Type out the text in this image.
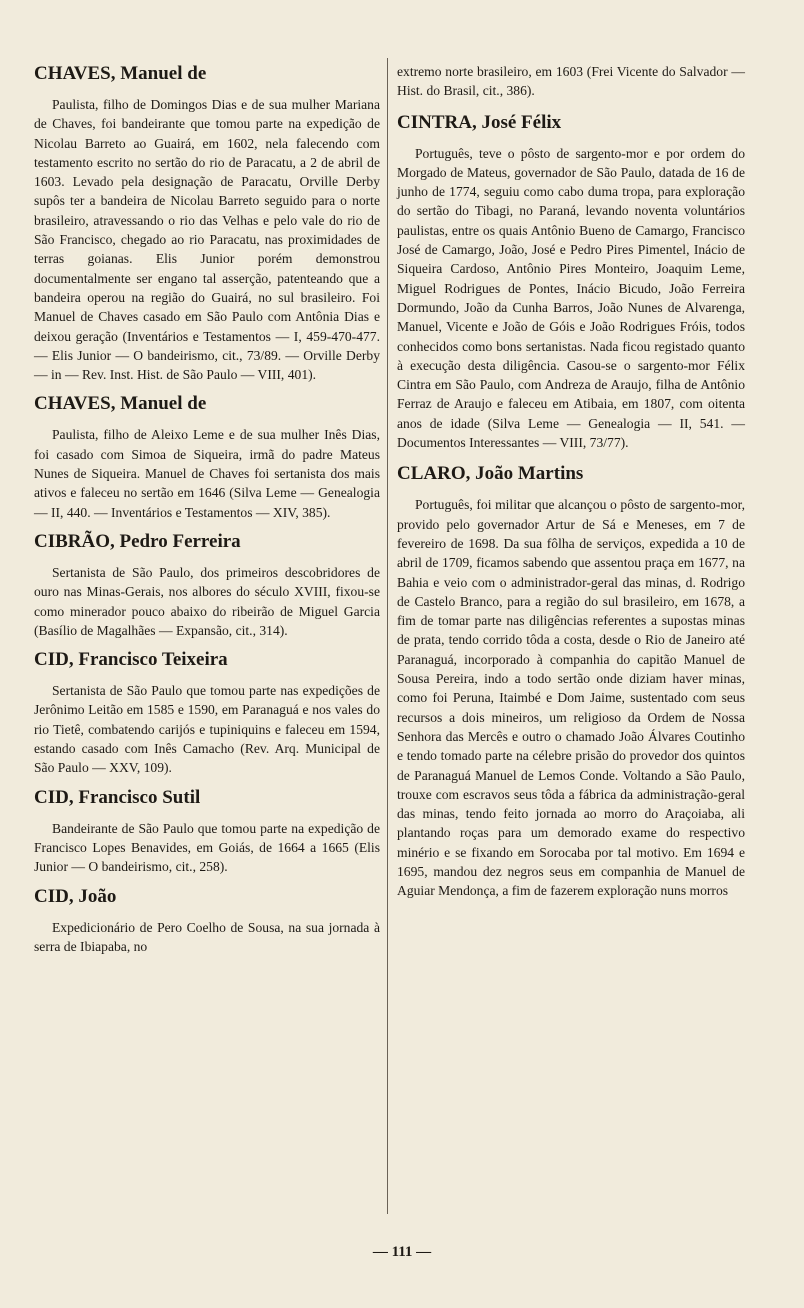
CHAVES, Manuel de

Paulista, filho de Domingos Dias e de sua mulher Mariana de Chaves, foi bandeirante que tomou parte na expedição de Nicolau Barreto ao Guairá, em 1602, nela falecendo com testamento escrito no sertão do rio de Paracatu, a 2 de abril de 1603. Levado pela designação de Paracatu, Orville Derby supôs ter a bandeira de Nicolau Barreto seguido para o norte brasileiro, atravessando o rio das Velhas e pelo vale do rio de São Francisco, chegado ao rio Paracatu, nas proximidades de terras goianas. Elis Junior porém demonstrou documentalmente ser engano tal asserção, patenteando que a bandeira operou na região do Guairá, no sul brasileiro. Foi Manuel de Chaves casado em São Paulo com Antônia Dias e deixou geração (Inventários e Testamentos — I, 459-470-477. — Elis Junior — O bandeirismo, cit., 73/89. — Orville Derby — in — Rev. Inst. Hist. de São Paulo — VIII, 401).

CHAVES, Manuel de

Paulista, filho de Aleixo Leme e de sua mulher Inês Dias, foi casado com Simoa de Siqueira, irmã do padre Mateus Nunes de Siqueira. Manuel de Chaves foi sertanista dos mais ativos e faleceu no sertão em 1646 (Silva Leme — Genealogia — II, 440. — Inventários e Testamentos — XIV, 385).

CIBRÃO, Pedro Ferreira

Sertanista de São Paulo, dos primeiros descobridores de ouro nas Minas-Gerais, nos albores do século XVIII, fixou-se como minerador pouco abaixo do ribeirão de Miguel Garcia (Basílio de Magalhães — Expansão, cit., 314).

CID, Francisco Teixeira

Sertanista de São Paulo que tomou parte nas expedições de Jerônimo Leitão em 1585 e 1590, em Paranaguá e nos vales do rio Tietê, combatendo carijós e tupiniquins e faleceu em 1594, estando casado com Inês Camacho (Rev. Arq. Municipal de São Paulo — XXV, 109).

CID, Francisco Sutil

Bandeirante de São Paulo que tomou parte na expedição de Francisco Lopes Benavides, em Goiás, de 1664 a 1665 (Elis Junior — O bandeirismo, cit., 258).

CID, João

Expedicionário de Pero Coelho de Sousa, na sua jornada à serra de Ibiapaba, no

extremo norte brasileiro, em 1603 (Frei Vicente do Salvador — Hist. do Brasil, cit., 386).

CINTRA, José Félix

Português, teve o pôsto de sargento-mor e por ordem do Morgado de Mateus, governador de São Paulo, datada de 16 de junho de 1774, seguiu como cabo duma tropa, para exploração do sertão do Tibagi, no Paraná, levando noventa voluntários paulistas, entre os quais Antônio Bueno de Camargo, Francisco José de Camargo, João, José e Pedro Pires Pimentel, Inácio de Siqueira Cardoso, Antônio Pires Monteiro, Joaquim Leme, Miguel Rodrigues de Pontes, Inácio Bicudo, João Ferreira Dormundo, João da Cunha Barros, João Nunes de Alvarenga, Manuel, Vicente e João de Góis e João Rodrigues Fróis, todos conhecidos como bons sertanistas. Nada ficou registado quanto à execução desta diligência. Casou-se o sargento-mor Félix Cintra em São Paulo, com Andreza de Araujo, filha de Antônio Ferraz de Araujo e faleceu em Atibaia, em 1807, com oitenta anos de idade (Silva Leme — Genealogia — II, 541. — Documentos Interessantes — VIII, 73/77).

CLARO, João Martins

Português, foi militar que alcançou o pôsto de sargento-mor, provido pelo governador Artur de Sá e Meneses, em 7 de fevereiro de 1698. Da sua fôlha de serviços, expedida a 10 de abril de 1709, ficamos sabendo que assentou praça em 1677, na Bahia e veio com o administrador-geral das minas, d. Rodrigo de Castelo Branco, para a região do sul brasileiro, em 1678, a fim de tomar parte nas diligências referentes a supostas minas de prata, tendo corrido tôda a costa, desde o Rio de Janeiro até Paranaguá, incorporado à companhia do capitão Manuel de Sousa Pereira, indo a todo sertão onde diziam haver minas, como foi Peruna, Itaimbé e Dom Jaime, sustentado com seus recursos a dois mineiros, um religioso da Ordem de Nossa Senhora das Mercês e outro o chamado João Álvares Coutinho e tendo tomado parte na célebre prisão do provedor dos quintos de Paranaguá Manuel de Lemos Conde. Voltando a São Paulo, trouxe com escravos seus tôda a fábrica da administração-geral das minas, tendo feito jornada ao morro do Araçoiaba, ali plantando roças para um demorado exame do respectivo minério e se fixando em Sorocaba por tal motivo. Em 1694 e 1695, mandou dez negros seus em companhia de Manuel de Aguiar Mendonça, a fim de fazerem exploração nuns morros

— 111 —
